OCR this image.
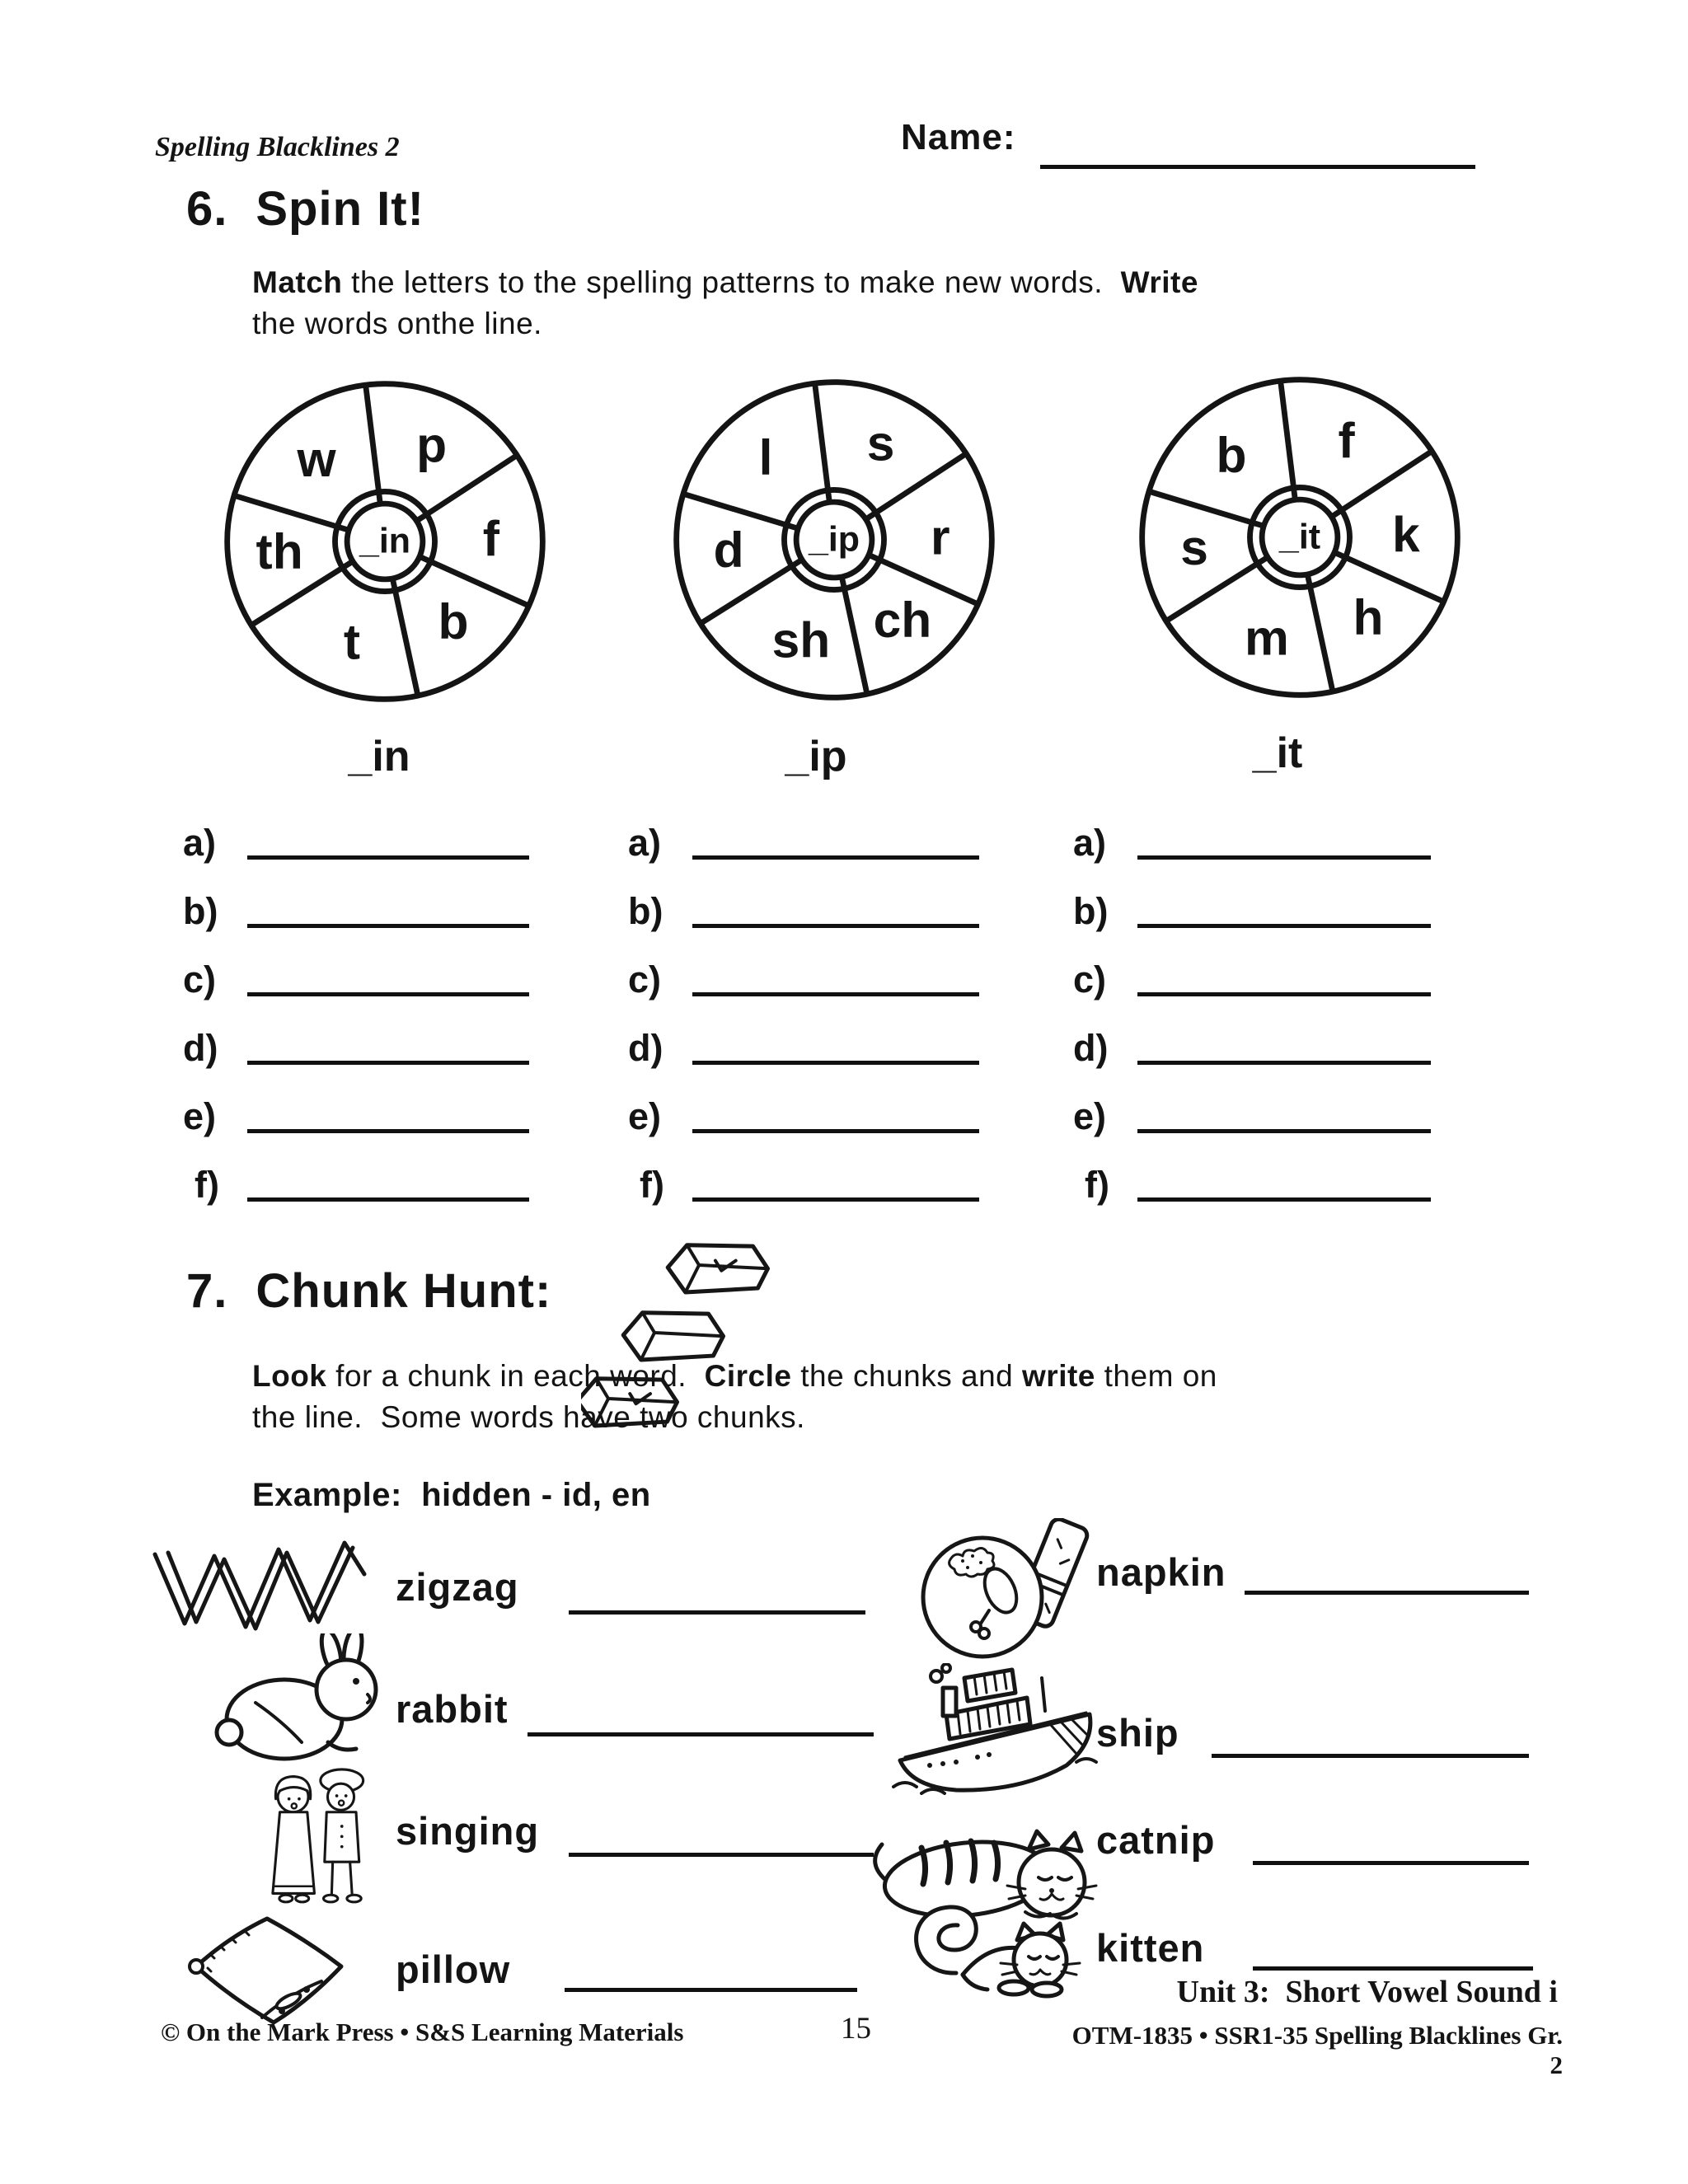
Spelling Blacklines 2	Name:
6. Spin It!
Match the letters to the spelling patterns to make new words.  Write
the words onthe line.
w p
f
b
t
th _in
l s
r
ch
sh
d _ip
b f
k
h
m
s _it
_in	_ip	_it
a)
b)
c)
d)
e)
f)
a)
b)
c)
d)
e)
f)
a)
b)
c)
d)
e)
f)
7. Chunk Hunt:
Look for a chunk in each word.  Circle the chunks and write them on
the line.  Some words have two chunks.
Example:  hidden - id, en
zigzag
rabbit
singing
pillow
napkin
ship
catnip
kitten
Unit 3:  Short Vowel Sound i
© On the Mark Press • S&S Learning Materials	15	OTM-1835 • SSR1-35 Spelling Blacklines Gr. 2
